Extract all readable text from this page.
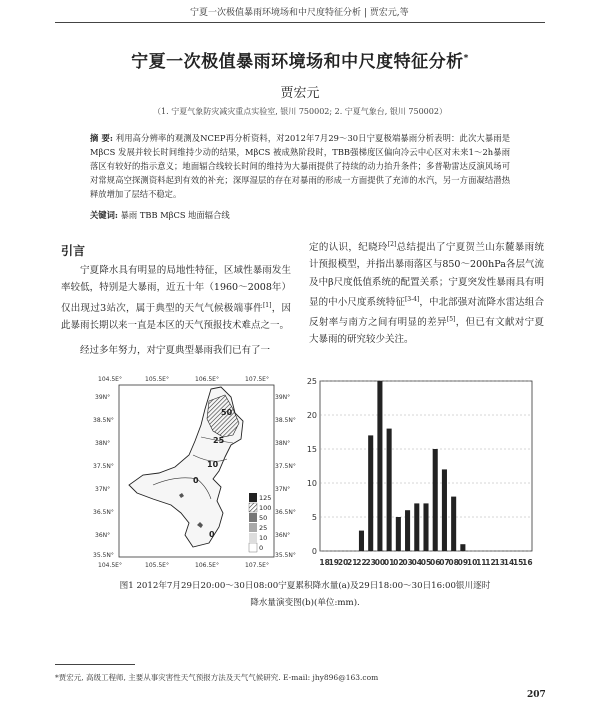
宁夏一次极值暴雨环境场和中尺度特征分析 | 贾宏元,等
宁夏一次极值暴雨环境场和中尺度特征分析*
贾宏元
（1. 宁夏气象防灾减灾重点实验室, 银川 750002; 2. 宁夏气象台, 银川 750002）
摘 要: 利用高分辨率的观测及NCEP再分析资料，对2012年7月29～30日宁夏极端暴雨分析表明：此次大暴雨是 MβCS 发展并较长时间维持少动的结果，MβCS 被成熟阶段时，TBB强梯度区偏向冷云中心区对未来1～2h暴雨落区有较好的指示意义；地面辐合线较长时间的维持为大暴雨提供了持续的动力抬升条件；多普勒雷达反演风场可对常规高空探测资料起到有效的补充；深厚湿层的存在对暴雨的形成一方面提供了充沛的水汽，另一方面凝结潜热释放增加了层结不稳定。
关键词: 暴雨 TBB MβCS 地面辐合线
引言

宁夏降水具有明显的局地性特征，区域性暴雨发生率较低，特别是大暴雨，近五十年（1960～2008年）仅出现过3站次，属于典型的天气气候极端事件[1]，因此暴雨长期以来一直是本区的天气预报技术难点之一。

经过多年努力，对宁夏典型暴雨我们已有了一

定的认识，纪晓玲[2]总结提出了宁夏贺兰山东麓暴雨统计预报模型，并指出暴雨落区与850～200hPa各层气流及中β尺度低值系统的配置关系；宁夏突发性暴雨具有明显的中小尺度系统特征[3-4]，中北部强对流降水雷达组合反射率与南方之间有明显的差异[5]，但已有文献对宁夏大暴雨的研究较少关注。

104.5E°	105.5E°	106.5E°	107.5E°
104.5E°	105.5E°	106.5E°	107.5E°
39N°
38.5N°
38N°
37.5N°
37N°
36.5N°
36N°
35.5N°
39N°
38.5N°
38N°
37.5N°
37N°
36.5N°
36N°
35.5N°
50
25
10
0
0
125
100
50
25
10
0	0
5
10
15
20
25
18
19
20
21
22
23
00
01
02
03
04
05
06
07
08
09
10
11
12
13
14
15
16
图1 2012年7月29日20:00～30日08:00宁夏累积降水量(a)及29日18:00～30日16:00银川逐时
降水量演变图(b)(单位:mm).
*贾宏元, 高级工程师, 主要从事灾害性天气预报方法及天气气候研究. E-mail: jhy896@163.com
207
